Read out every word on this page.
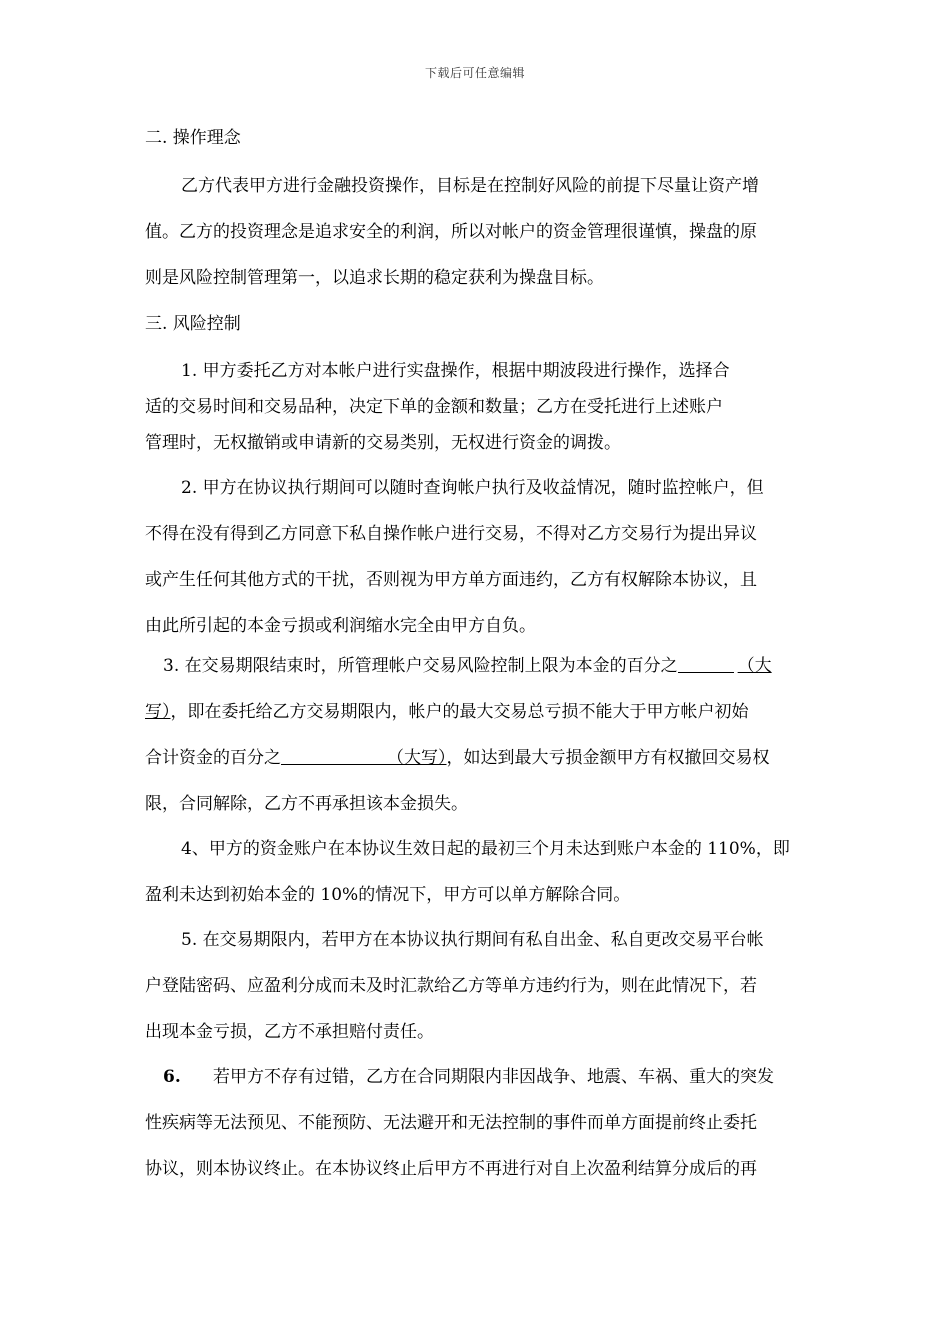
下载后可任意编辑
二. 操作理念
乙方代表甲方进行金融投资操作，目标是在控制好风险的前提下尽量让资产增
值。乙方的投资理念是追求安全的利润，所以对帐户的资金管理很谨慎，操盘的原
则是风险控制管理第一，以追求长期的稳定获利为操盘目标。
三. 风险控制
1. 甲方委托乙方对本帐户进行实盘操作，根据中期波段进行操作，选择合
适的交易时间和交易品种，决定下单的金额和数量；乙方在受托进行上述账户
管理时，无权撤销或申请新的交易类别，无权进行资金的调拨。
2. 甲方在协议执行期间可以随时查询帐户执行及收益情况，随时监控帐户，但
不得在没有得到乙方同意下私自操作帐户进行交易，不得对乙方交易行为提出异议
或产生任何其他方式的干扰，否则视为甲方单方面违约，乙方有权解除本协议，且
由此所引起的本金亏损或利润缩水完全由甲方自负。
3. 在交易期限结束时，所管理帐户交易风险控制上限为本金的百分之	（大
写），即在委托给乙方交易期限内，帐户的最大交易总亏损不能大于甲方帐户初始
合计资金的百分之	（大写），如达到最大亏损金额甲方有权撤回交易权
限，合同解除，乙方不再承担该本金损失。
4、甲方的资金账户在本协议生效日起的最初三个月未达到账户本金的 110%，即
盈利未达到初始本金的 10%的情况下，甲方可以单方解除合同。
5. 在交易期限内，若甲方在本协议执行期间有私自出金、私自更改交易平台帐
户登陆密码、应盈利分成而未及时汇款给乙方等单方违约行为，则在此情况下，若
出现本金亏损，乙方不承担赔付责任。
6. 若甲方不存有过错，乙方在合同期限内非因战争、地震、车祸、重大的突发
性疾病等无法预见、不能预防、无法避开和无法控制的事件而单方面提前终止委托
协议，则本协议终止。在本协议终止后甲方不再进行对自上次盈利结算分成后的再
